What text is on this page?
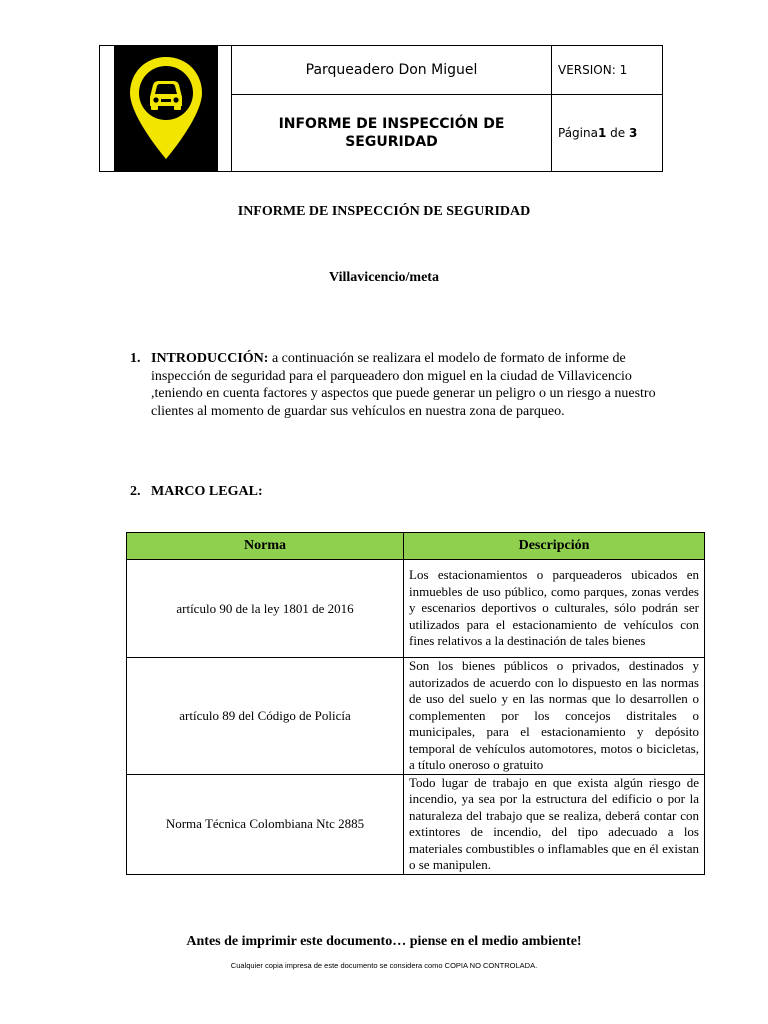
Parqueadero Don Miguel	VERSION: 1
INFORME DE INSPECCIÓN DE SEGURIDAD
Página 1 de 3
INFORME DE INSPECCIÓN DE SEGURIDAD
Villavicencio/meta
1. INTRODUCCIÓN: a continuación se realizara el modelo de formato de informe de inspección de seguridad para el parqueadero don miguel en la ciudad de Villavicencio ,teniendo en cuenta factores y aspectos que puede generar un peligro o un riesgo a nuestro clientes al momento de guardar sus vehículos en nuestra zona de parqueo.
2. MARCO LEGAL:
Norma	Descripción
artículo 90 de la ley 1801 de 2016	Los estacionamientos o parqueaderos ubicados en inmuebles de uso público, como parques, zonas verdes y escenarios deportivos o culturales, sólo podrán ser utilizados para el estacionamiento de vehículos con fines relativos a la destinación de tales bienes
artículo 89 del Código de Policía	Son los bienes públicos o privados, destinados y autorizados de acuerdo con lo dispuesto en las normas de uso del suelo y en las normas que lo desarrollen o complementen por los concejos distritales o municipales, para el estacionamiento y depósito temporal de vehículos automotores, motos o bicicletas, a título oneroso o gratuito
Norma Técnica Colombiana Ntc 2885	Todo lugar de trabajo en que exista algún riesgo de incendio, ya sea por la estructura del edificio o por la naturaleza del trabajo que se realiza, deberá contar con extintores de incendio, del tipo adecuado a los materiales combustibles o inflamables que en él existan o se manipulen.
Antes de imprimir este documento… piense en el medio ambiente!
Cualquier copia impresa de este documento se considera como COPIA NO CONTROLADA.
